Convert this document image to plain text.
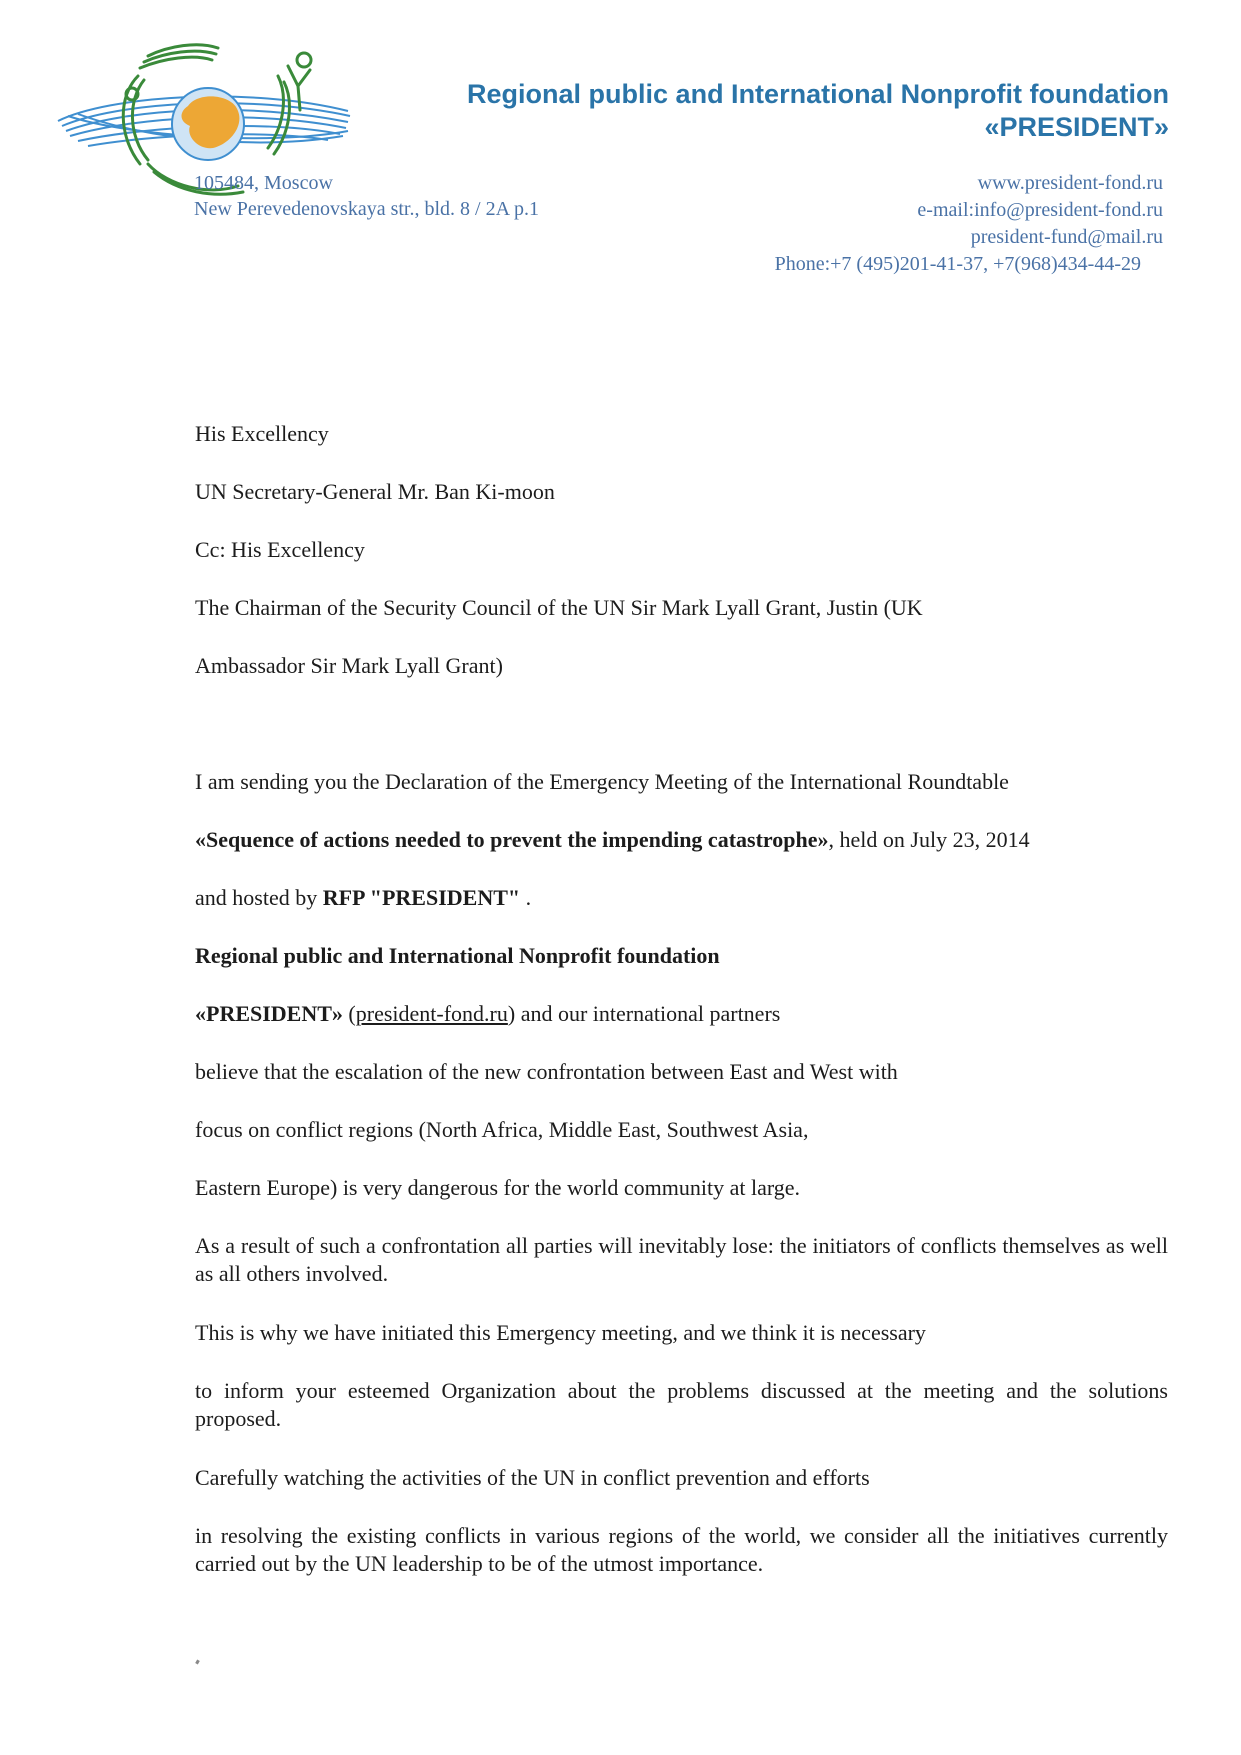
Regional public and International Nonprofit foundation
«PRESIDENT»
105484, Moscow
New Perevedenovskaya str., bld. 8 / 2A p.1
www.president-fond.ru
e-mail:info@president-fond.ru
president-fund@mail.ru
Phone:+7 (495)201-41-37, +7(968)434-44-29
His Excellency
UN Secretary-General Mr. Ban Ki-moon
Cc: His Excellency
The Chairman of the Security Council of the UN Sir Mark Lyall Grant, Justin (UK
Ambassador Sir Mark Lyall Grant)
I am sending you the Declaration of the Emergency Meeting of the International Roundtable
«Sequence of actions needed to prevent the impending catastrophe», held on July 23, 2014
and hosted by RFP "PRESIDENT" .
Regional public and International Nonprofit foundation
«PRESIDENT» (president-fond.ru) and our international partners
believe that the escalation of the new confrontation between East and West with
focus on conflict regions (North Africa, Middle East, Southwest Asia,
Eastern Europe) is very dangerous for the world community at large.
As a result of such a confrontation all parties will inevitably lose: the initiators of conflicts themselves as well as all others involved.
This is why we have initiated this Emergency meeting, and we think it is necessary
to inform your esteemed Organization about the problems discussed at the meeting and the solutions proposed.
Carefully watching the activities of the UN in conflict prevention and efforts
in resolving the existing conflicts in various regions of the world, we consider all the initiatives currently carried out by the UN leadership to be of the utmost importance.
